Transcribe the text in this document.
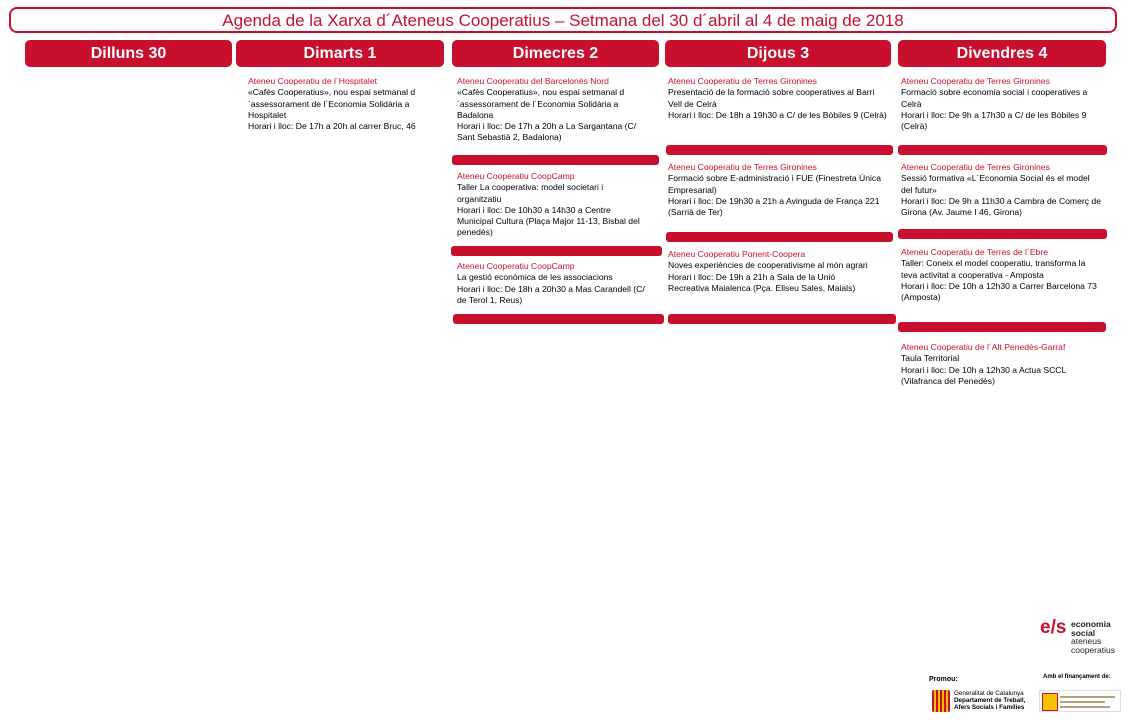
Agenda de la Xarxa d´Ateneus Cooperatius – Setmana del 30 d´abril al 4 de maig de 2018
Dilluns 30	Dimarts 1	Dimecres 2	Dijous 3	Divendres 4
Ateneu Cooperatiu de l´Hospitalet
«Cafès Cooperatius», nou espai setmanal d´assessorament de l´Economia Solidària a Hospitalet
Horari i lloc: De 17h a 20h al carrer Bruc, 46
Ateneu Cooperatiu del Barcelonès Nord
«Cafès Cooperatius», nou espai setmanal d´assessorament de l´Economia Solidària a Badalona
Horari i lloc: De 17h a 20h a La Sargantana (C/ Sant Sebastià 2, Badalona)
Ateneu Cooperatiu CoopCamp
Taller La cooperativa: model societari i organitzatiu
Horari i lloc: De 10h30 a 14h30 a Centre Municipal Cultura (Plaça Major 11-13, Bisbal del penedès)
Ateneu Cooperatiu CoopCamp
La gestió econòmica de les associacions
Horari i lloc: De 18h a 20h30 a Mas Carandell (C/ de Terol 1, Reus)
Ateneu Cooperatiu de Terres Gironines
Presentació de la formació sobre cooperatives al Barri Vell de Celrà
Horari i lloc: De 18h a 19h30 a C/ de les Bòbiles 9 (Celrà)
Ateneu Cooperatiu de Terres Gironines
Formació sobre E-administració i FUE (Finestreta Única Empresarial)
Horari i lloc: De 19h30 a 21h a Avinguda de França 221 (Sarrià de Ter)
Ateneu Cooperatiu Ponent-Coopera
Noves experiències de cooperativisme al món agrari
Horari i lloc: De 19h a 21h a Sala de la Unió Recreativa Maialenca (Pça. Eliseu Sales, Maials)
Ateneu Cooperatiu de Terres Gironines
Formació sobre economia social i cooperatives a Celrà
Horari i lloc: De 9h a 17h30 a C/ de les Bòbiles 9 (Celrà)
Ateneu Cooperatiu de Terres Gironines
Sessió formativa «L´Economia Social és el model del futur»
Horari i lloc: De 9h a 11h30 a Cambra de Comerç de Girona (Av. Jaume I 46, Girona)
Ateneu Cooperatiu de Terres de l´Ebre
Taller: Coneix el model cooperatiu, transforma la teva activitat a cooperativa - Amposta
Horari i lloc: De 10h a 12h30 a Carrer Barcelona 73 (Amposta)
Ateneu Cooperatiu de l´Alt Penedès-Garraf
Taula Territorial
Horari i lloc: De 10h a 12h30 a Actua SCCL (Vilafranca del Penedès)
e/s economia
social
ateneus
cooperatius
Promou:	Amb el finançament de:
Generalitat de Catalunya
Departament de Treball,
Afers Socials i Famílies
